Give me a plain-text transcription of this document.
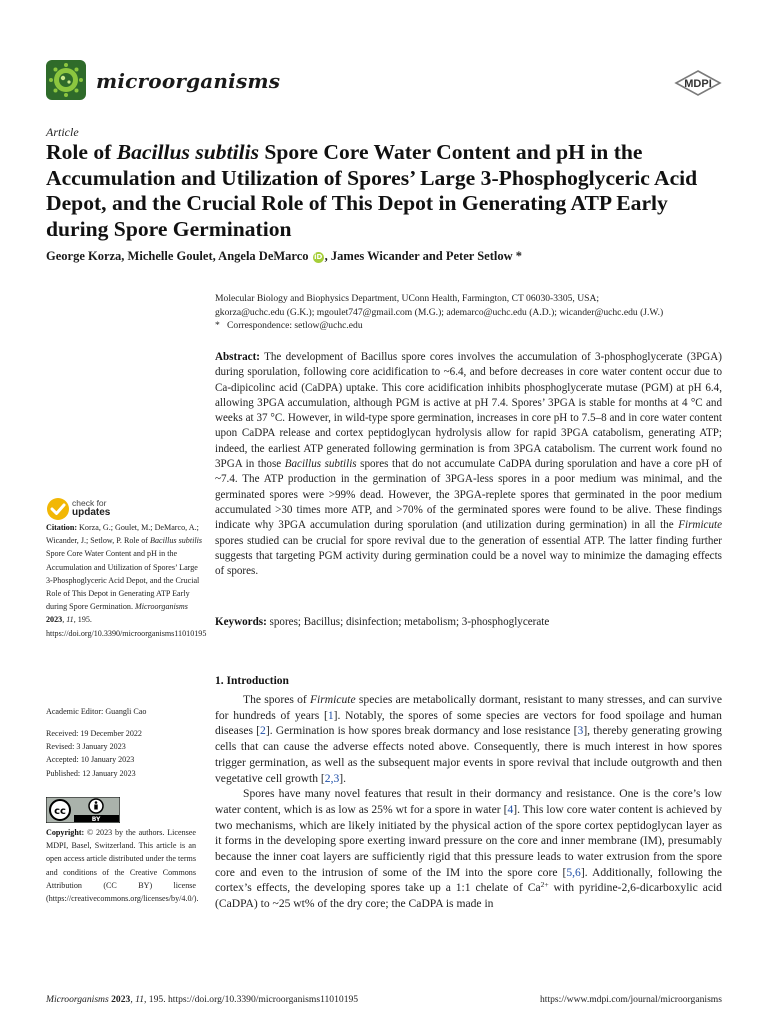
microorganisms	MDPI
Article
Role of Bacillus subtilis Spore Core Water Content and pH in the Accumulation and Utilization of Spores’ Large 3-Phosphoglyceric Acid Depot, and the Crucial Role of This Depot in Generating ATP Early during Spore Germination
George Korza, Michelle Goulet, Angela DeMarco iD , James Wicander and Peter Setlow *
Molecular Biology and Biophysics Department, UConn Health, Farmington, CT 06030-3305, USA;
gkorza@uchc.edu (G.K.); mgoulet747@gmail.com (M.G.); ademarco@uchc.edu (A.D.); wicander@uchc.edu (J.W.)
* Correspondence: setlow@uchc.edu
Abstract: The development of Bacillus spore cores involves the accumulation of 3-phosphoglycerate (3PGA) during sporulation, following core acidification to ~6.4, and before decreases in core water content occur due to Ca-dipicolinc acid (CaDPA) uptake. This core acidification inhibits phosphoglycerate mutase (PGM) at pH 6.4, allowing 3PGA accumulation, although PGM is active at pH 7.4. Spores’ 3PGA is stable for months at 4 °C and weeks at 37 °C. However, in wild-type spore germination, increases in core pH to 7.5–8 and in core water content upon CaDPA release and cortex peptidoglycan hydrolysis allow for rapid 3PGA catabolism, generating ATP; indeed, the earliest ATP generated following germination is from 3PGA catabolism. The current work found no 3PGA in those Bacillus subtilis spores that do not accumulate CaDPA during sporulation and have a core pH of ~7.4. The ATP production in the germination of 3PGA-less spores in a poor medium was minimal, and the germinated spores were >99% dead. However, the 3PGA-replete spores that germinated in the poor medium accumulated >30 times more ATP, and >70% of the germinated spores were found to be alive. These findings indicate why 3PGA accumulation during sporulation (and utilization during germination) in all the Firmicute spores studied can be crucial for spore revival due to the generation of essential ATP. The latter finding further suggests that targeting PGM activity during germination could be a novel way to minimize the damaging effects of spores.
Keywords: spores; Bacillus; disinfection; metabolism; 3-phosphoglycerate
1. Introduction

The spores of Firmicute species are metabolically dormant, resistant to many stresses, and can survive for hundreds of years [1]. Notably, the spores of some species are vectors for food spoilage and human diseases [2]. Germination is how spores break dormancy and lose resistance [3], thereby generating growing cells that can cause the adverse effects noted above. Consequently, there is much interest in how spores trigger germination, as well as the subsequent major events in spore revival that include outgrowth and then vegetative cell growth [2,3].

Spores have many novel features that result in their dormancy and resistance. One is the core’s low water content, which is as low as 25% wt for a spore in water [4]. This low core water content is achieved by two mechanisms, which are likely initiated by the physical action of the spore cortex peptidoglycan layer as it forms in the developing spore exerting inward pressure on the core and inner membrane (IM), presumably because the inner coat layers are sufficiently rigid that this pressure leads to water extrusion from the spore core and even to the intrusion of some of the IM into the spore core [5,6]. Additionally, following the cortex’s effects, the developing spores take up a 1:1 chelate of $Ca^{2+}$ with pyridine-2,6-dicarboxylic acid (CaDPA) to ~25 wt% of the dry core; the CaDPA is made in

check for
updates
Citation: Korza, G.; Goulet, M.; DeMarco, A.; Wicander, J.; Setlow, P. Role of Bacillus subtilis Spore Core Water Content and pH in the Accumulation and Utilization of Spores’ Large 3-Phosphoglyceric Acid Depot, and the Crucial Role of This Depot in Generating ATP Early during Spore Germination. Microorganisms 2023, 11, 195. https://doi.org/10.3390/microorganisms11010195
Academic Editor: Guangli Cao
Received: 19 December 2022
Revised: 3 January 2023
Accepted: 10 January 2023
Published: 12 January 2023
cc
BY
Copyright: © 2023 by the authors. Licensee MDPI, Basel, Switzerland. This article is an open access article distributed under the terms and conditions of the Creative Commons Attribution (CC BY) license (https://creativecommons.org/licenses/by/4.0/).
Microorganisms 2023, 11, 195. https://doi.org/10.3390/microorganisms11010195	https://www.mdpi.com/journal/microorganisms
